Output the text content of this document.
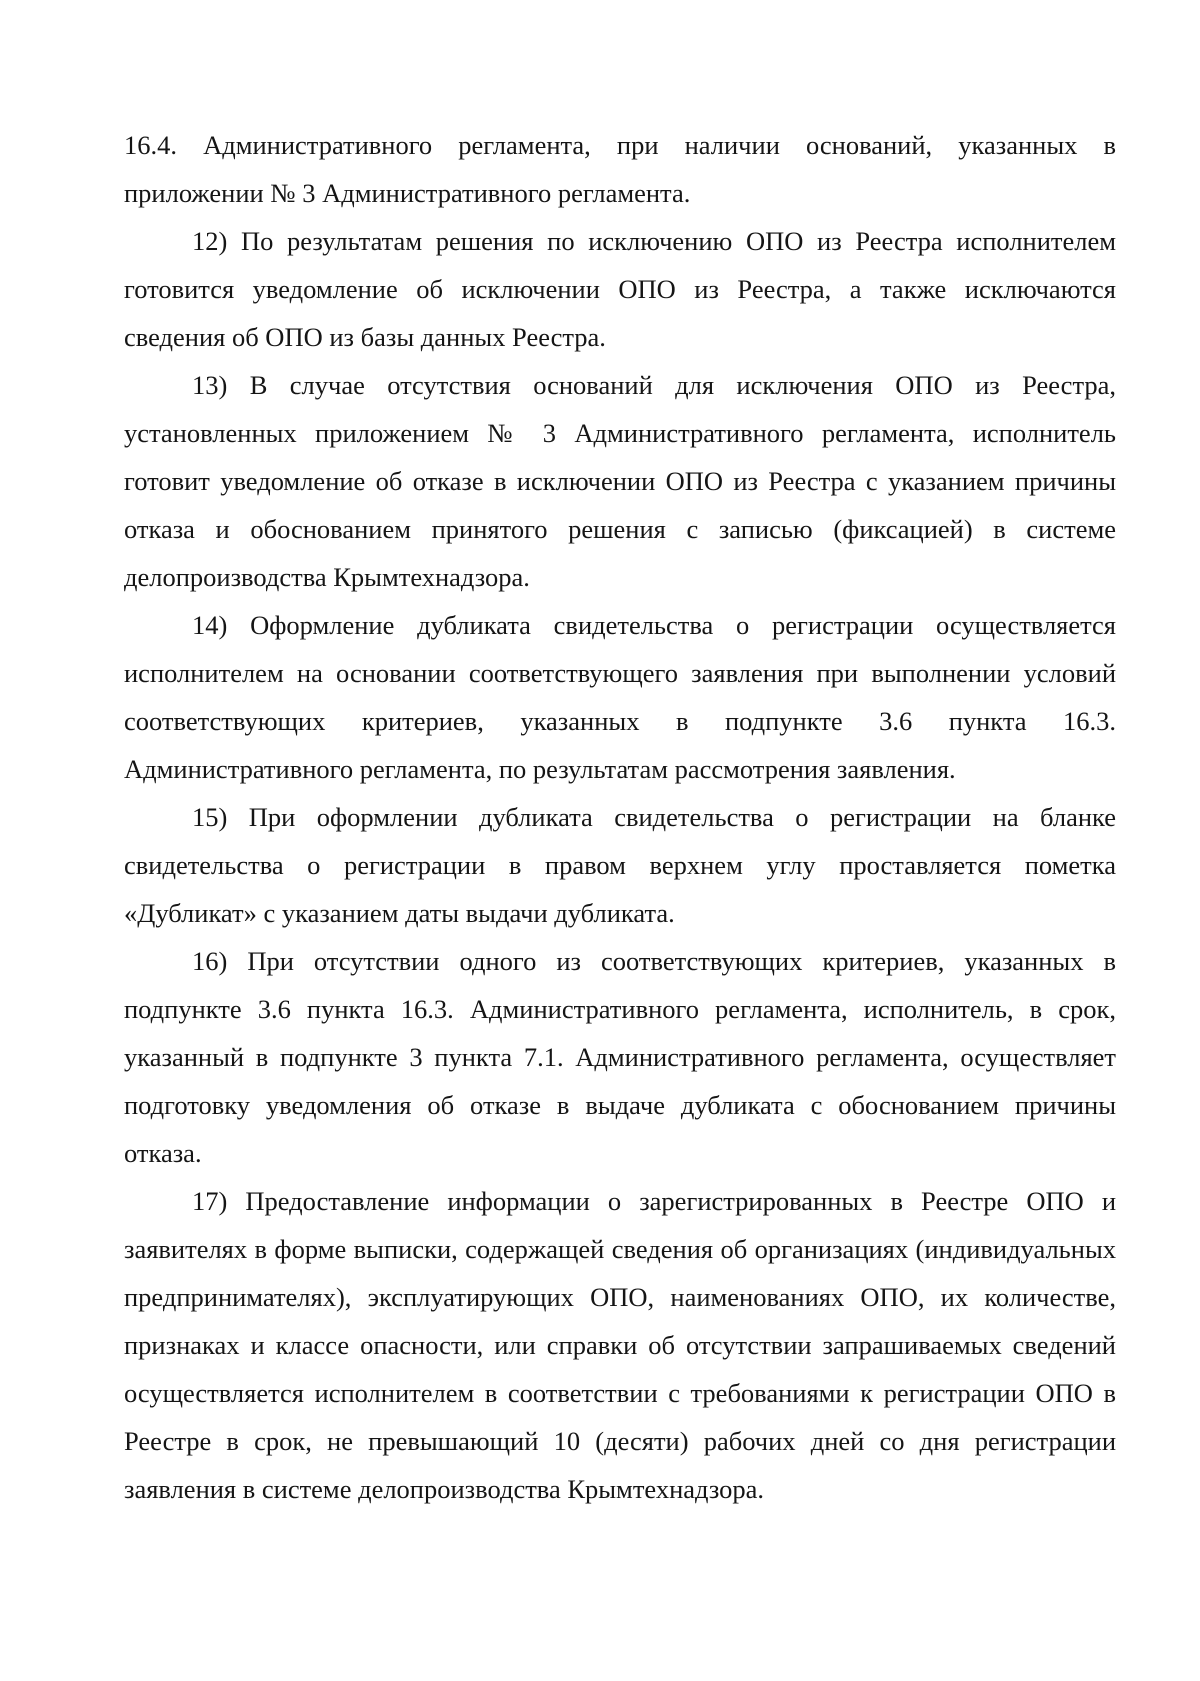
16.4. Административного регламента, при наличии оснований, указанных в приложении № 3 Административного регламента.

12) По результатам решения по исключению ОПО из Реестра исполнителем готовится уведомление об исключении ОПО из Реестра, а также исключаются сведения об ОПО из базы данных Реестра.

13) В случае отсутствия оснований для исключения ОПО из Реестра, установленных приложением № 3 Административного регламента, исполнитель готовит уведомление об отказе в исключении ОПО из Реестра с указанием причины отказа и обоснованием принятого решения с записью (фиксацией) в системе делопроизводства Крымтехнадзора.

14) Оформление дубликата свидетельства о регистрации осуществляется исполнителем на основании соответствующего заявления при выполнении условий соответствующих критериев, указанных в подпункте 3.6 пункта 16.3. Административного регламента, по результатам рассмотрения заявления.

15) При оформлении дубликата свидетельства о регистрации на бланке свидетельства о регистрации в правом верхнем углу проставляется пометка «Дубликат» с указанием даты выдачи дубликата.

16) При отсутствии одного из соответствующих критериев, указанных в подпункте 3.6 пункта 16.3. Административного регламента, исполнитель, в срок, указанный в подпункте 3 пункта 7.1. Административного регламента, осуществляет подготовку уведомления об отказе в выдаче дубликата с обоснованием причины отказа.

17) Предоставление информации о зарегистрированных в Реестре ОПО и заявителях в форме выписки, содержащей сведения об организациях (индивидуальных предпринимателях), эксплуатирующих ОПО, наименованиях ОПО, их количестве, признаках и классе опасности, или справки об отсутствии запрашиваемых сведений осуществляется исполнителем в соответствии с требованиями к регистрации ОПО в Реестре в срок, не превышающий 10 (десяти) рабочих дней со дня регистрации заявления в системе делопроизводства Крымтехнадзора.
